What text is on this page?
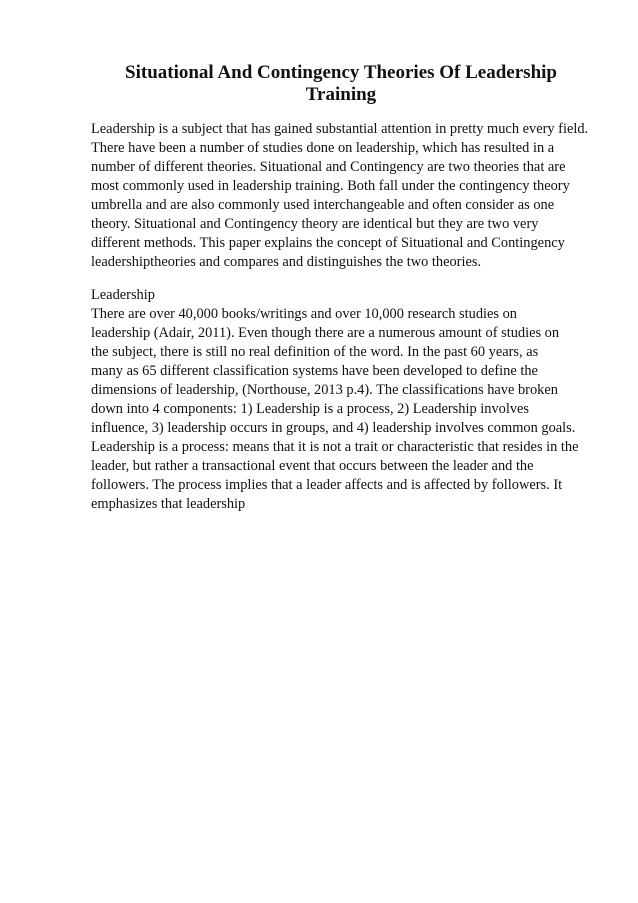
Situational And Contingency Theories Of Leadership
Training
Leadership is a subject that has gained substantial attention in pretty much every field.
There have been a number of studies done on leadership, which has resulted in a
number of different theories. Situational and Contingency are two theories that are
most commonly used in leadership training. Both fall under the contingency theory
umbrella and are also commonly used interchangeable and often consider as one
theory. Situational and Contingency theory are identical but they are two very
different methods. This paper explains the concept of Situational and Contingency
leadershiptheories and compares and distinguishes the two theories.
Leadership
There are over 40,000 books/writings and over 10,000 research studies on
leadership (Adair, 2011). Even though there are a numerous amount of studies on
the subject, there is still no real definition of the word. In the past 60 years, as
many as 65 different classification systems have been developed to define the
dimensions of leadership, (Northouse, 2013 p.4). The classifications have broken
down into 4 components: 1) Leadership is a process, 2) Leadership involves
influence, 3) leadership occurs in groups, and 4) leadership involves common goals.
Leadership is a process: means that it is not a trait or characteristic that resides in the
leader, but rather a transactional event that occurs between the leader and the
followers. The process implies that a leader affects and is affected by followers. It
emphasizes that leadership
